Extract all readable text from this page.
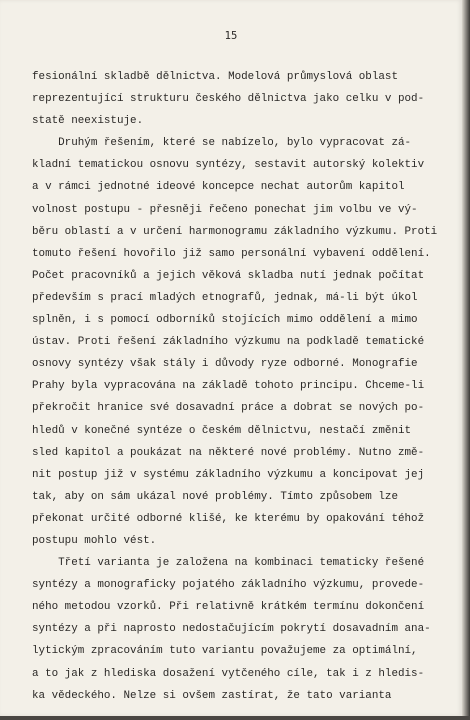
15
fesionální skladbě dělnictva. Modelová průmyslová oblast
reprezentující strukturu českého dělnictva jako celku v pod-
statě neexistuje.
Druhým řešením, které se nabízelo, bylo vypracovat zá-
kladní tematickou osnovu syntézy, sestavit autorský kolektiv
a v rámci jednotné ideové koncepce nechat autorům kapitol
volnost postupu - přesněji řečeno ponechat jim volbu ve vý-
běru oblastí a v určení harmonogramu základního výzkumu. Proti
tomuto řešení hovořilo již samo personální vybavení oddělení.
Počet pracovníků a jejich věková skladba nutí jednak počítat
především s prací mladých etnografů, jednak, má-li být úkol
splněn, i s pomocí odborníků stojících mimo oddělení a mimo
ústav. Proti řešení základního výzkumu na podkladě tematické
osnovy syntézy však stály i důvody ryze odborné. Monografie
Prahy byla vypracována na základě tohoto principu. Chceme-li
překročit hranice své dosavadní práce a dobrat se nových po-
hledů v konečné syntéze o českém dělnictvu, nestačí změnit
sled kapitol a poukázat na některé nové problémy. Nutno změ-
nit postup již v systému základního výzkumu a koncipovat jej
tak, aby on sám ukázal nové problémy. Tímto způsobem lze
překonat určité odborné klišé, ke kterému by opakování téhož
postupu mohlo vést.
Třetí varianta je založena na kombinaci tematicky řešené
syntézy a monograficky pojatého základního výzkumu, provede-
ného metodou vzorků. Při relativně krátkém termínu dokončení
syntézy a při naprosto nedostačujícím pokrytí dosavadním ana-
lytickým zpracováním tuto variantu považujeme za optimální,
a to jak z hlediska dosažení vytčeného cíle, tak i z hledis-
ka vědeckého. Nelze si ovšem zastírat, že tato varianta
